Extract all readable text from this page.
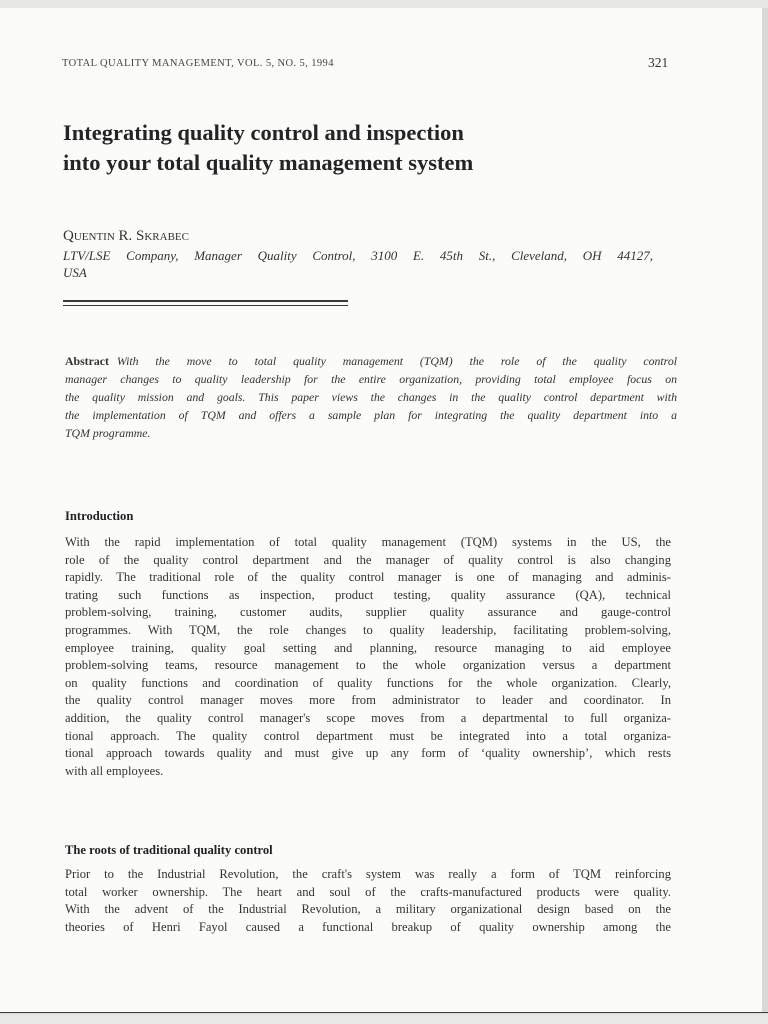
TOTAL QUALITY MANAGEMENT, VOL. 5, NO. 5, 1994	321
Integrating quality control and inspection
into your total quality management system
Quentin R. Skrabec
LTV/LSE Company, Manager Quality Control, 3100 E. 45th St., Cleveland, OH 44127,
USA
Abstract With the move to total quality management (TQM) the role of the quality control
manager changes to quality leadership for the entire organization, providing total employee focus on
the quality mission and goals. This paper views the changes in the quality control department with
the implementation of TQM and offers a sample plan for integrating the quality department into a
TQM programme.
Introduction
With the rapid implementation of total quality management (TQM) systems in the US, the
role of the quality control department and the manager of quality control is also changing
rapidly. The traditional role of the quality control manager is one of managing and adminis-
trating such functions as inspection, product testing, quality assurance (QA), technical
problem-solving, training, customer audits, supplier quality assurance and gauge-control
programmes. With TQM, the role changes to quality leadership, facilitating problem-solving,
employee training, quality goal setting and planning, resource managing to aid employee
problem-solving teams, resource management to the whole organization versus a department
on quality functions and coordination of quality functions for the whole organization. Clearly,
the quality control manager moves more from administrator to leader and coordinator. In
addition, the quality control manager's scope moves from a departmental to full organiza-
tional approach. The quality control department must be integrated into a total organiza-
tional approach towards quality and must give up any form of ‘quality ownership’, which rests
with all employees.
The roots of traditional quality control
Prior to the Industrial Revolution, the craft's system was really a form of TQM reinforcing
total worker ownership. The heart and soul of the crafts-manufactured products were quality.
With the advent of the Industrial Revolution, a military organizational design based on the
theories of Henri Fayol caused a functional breakup of quality ownership among the
